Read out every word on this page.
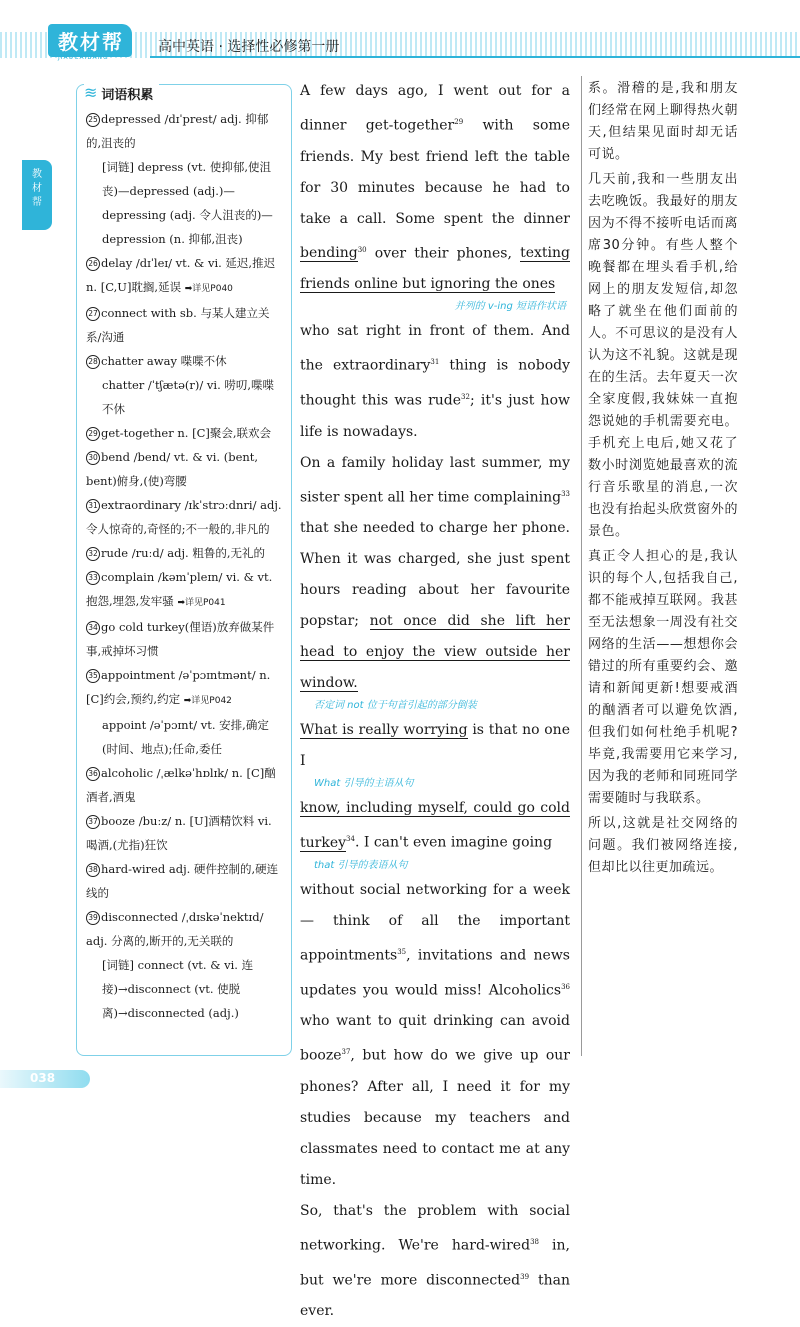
教材帮
JIAOCAIBANG
高中英语 · 选择性必修第一册
教材帮
25 depressed /dɪˈprest/ adj. 抑郁的,沮丧的
[词链] depress (vt. 使抑郁,使沮丧)—depressed (adj.)—depressing (adj. 令人沮丧的)—depression (n. 抑郁,沮丧)
26 delay /dɪˈleɪ/ vt. & vi. 延迟,推迟 n. [C,U]耽搁,延误 ➡详见P040
27 connect with sb. 与某人建立关系/沟通
28 chatter away 喋喋不休
chatter /ˈtʃætə(r)/ vi. 唠叨,喋喋不休
29 get-together n. [C]聚会,联欢会
30 bend /bend/ vt. & vi. (bent, bent)俯身,(使)弯腰
31 extraordinary /ɪkˈstrɔːdnri/ adj. 令人惊奇的,奇怪的;不一般的,非凡的
32 rude /ruːd/ adj. 粗鲁的,无礼的
33 complain /kəmˈpleɪn/ vi. & vt. 抱怨,埋怨,发牢骚 ➡详见P041
34 go cold turkey(俚语)放弃做某件事,戒掉坏习惯
35 appointment /əˈpɔɪntmənt/ n. [C]约会,预约,约定 ➡详见P042
appoint /əˈpɔɪnt/ vt. 安排,确定(时间、地点);任命,委任
36 alcoholic /ˌælkəˈhɒlɪk/ n. [C]酗酒者,酒鬼
37 booze /buːz/ n. [U]酒精饮料 vi. 喝酒,(尤指)狂饮
38 hard-wired adj. 硬件控制的,硬连线的
39 disconnected /ˌdɪskəˈnektɪd/ adj. 分离的,断开的,无关联的
[词链] connect (vt. & vi. 连接)→disconnect (vt. 使脱离)→disconnected (adj.)
≋ 词语积累	A few days ago, I went out for a dinner get-together$^{29}$ with some friends. My best friend left the table for 30 minutes because he had to take a call. Some spent the dinner bending$^{30}$ over their phones, texting friends online but ignoring the ones
并列的 v-ing 短语作状语
who sat right in front of them. And the extraordinary$^{31}$ thing is nobody thought this was rude$^{32}$; it's just how life is nowadays.

On a family holiday last summer, my sister spent all her time complaining$^{33}$ that she needed to charge her phone. When it was charged, she just spent hours reading about her favourite popstar; not once did she lift her head to enjoy the view outside her window.
否定词 not 位于句首引起的部分倒装

What is really worrying is that no one I
What 引导的主语从句
know, including myself, could go cold turkey$^{34}$. I can't even imagine going
that 引导的表语从句
without social networking for a week — think of all the important appointments$^{35}$, invitations and news updates you would miss! Alcoholics$^{36}$ who want to quit drinking can avoid booze$^{37}$, but how do we give up our phones? After all, I need it for my studies because my teachers and classmates need to contact me at any time.

So, that's the problem with social networking. We're hard-wired$^{38}$ in, but we're more disconnected$^{39}$ than ever.

系。滑稽的是,我和朋友们经常在网上聊得热火朝天,但结果见面时却无话可说。

几天前,我和一些朋友出去吃晚饭。我最好的朋友因为不得不接听电话而离席30分钟。有些人整个晚餐都在埋头看手机,给网上的朋友发短信,却忽略了就坐在他们面前的人。不可思议的是没有人认为这不礼貌。这就是现在的生活。去年夏天一次全家度假,我妹妹一直抱怨说她的手机需要充电。手机充上电后,她又花了数小时浏览她最喜欢的流行音乐歌星的消息,一次也没有抬起头欣赏窗外的景色。

真正令人担心的是,我认识的每个人,包括我自己,都不能戒掉互联网。我甚至无法想象一周没有社交网络的生活——想想你会错过的所有重要约会、邀请和新闻更新!想要戒酒的酗酒者可以避免饮酒,但我们如何杜绝手机呢?毕竟,我需要用它来学习,因为我的老师和同班同学需要随时与我联系。

所以,这就是社交网络的问题。我们被网络连接,但却比以往更加疏远。

038
